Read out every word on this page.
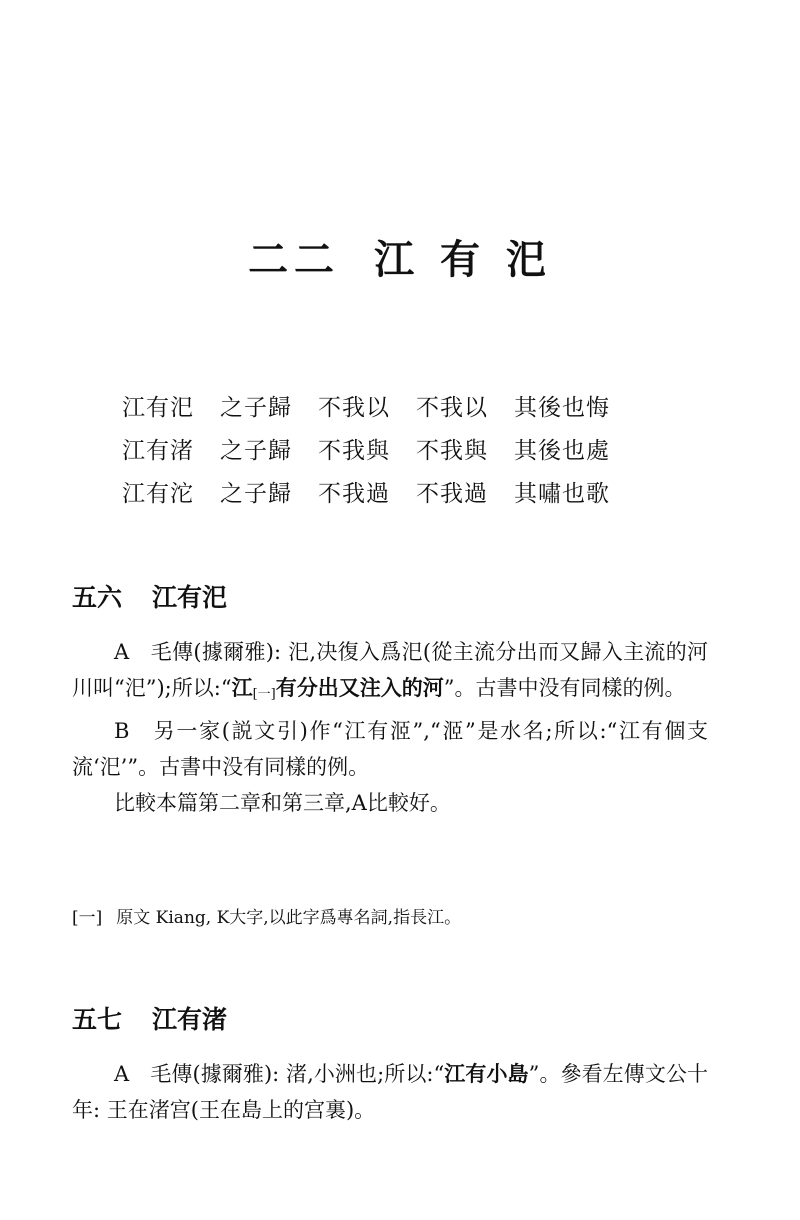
二二 江 有 汜
江有汜 之子歸 不我以 不我以 其後也悔
江有渚 之子歸 不我與 不我與 其後也處
江有沱 之子歸 不我過 不我過 其嘯也歌
五六 江有汜

A　毛傳(據爾雅): 汜,决復入爲汜(從主流分出而又歸入主流的河川叫“汜”);所以:“江$_{[一]}$有分出又注入的河”。古書中没有同樣的例。

B　另一家(説文引)作“江有洍”,“洍”是水名;所以:“江有個支流‘汜’”。古書中没有同樣的例。

比較本篇第二章和第三章,A比較好。

[一] 原文 Kiang, K大字,以此字爲專名詞,指長江。
五七 江有渚

A　毛傳(據爾雅): 渚,小洲也;所以:“江有小島”。參看左傳文公十年: 王在渚宫(王在島上的宫裏)。
